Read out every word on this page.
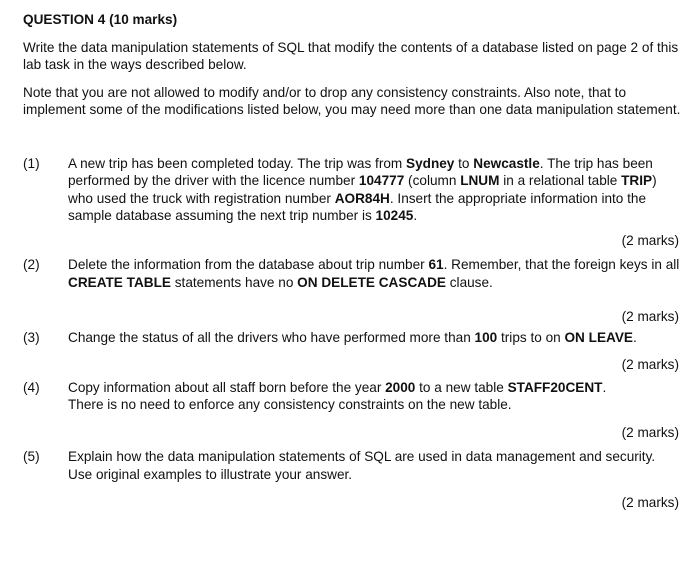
QUESTION 4 (10 marks)
Write the data manipulation statements of SQL that modify the contents of a database listed on page 2 of this lab task in the ways described below.
Note that you are not allowed to modify and/or to drop any consistency constraints. Also note, that to implement some of the modifications listed below, you may need more than one data manipulation statement.
(1) A new trip has been completed today. The trip was from Sydney to Newcastle. The trip has been performed by the driver with the licence number 104777 (column LNUM in a relational table TRIP) who used the truck with registration number AOR84H. Insert the appropriate information into the sample database assuming the next trip number is 10245.
(2 marks)
(2) Delete the information from the database about trip number 61. Remember, that the foreign keys in all CREATE TABLE statements have no ON DELETE CASCADE clause.
(2 marks)
(3) Change the status of all the drivers who have performed more than 100 trips to on ON LEAVE.
(2 marks)
(4) Copy information about all staff born before the year 2000 to a new table STAFF20CENT.
There is no need to enforce any consistency constraints on the new table.
(2 marks)
(5) Explain how the data manipulation statements of SQL are used in data management and security. Use original examples to illustrate your answer.
(2 marks)
